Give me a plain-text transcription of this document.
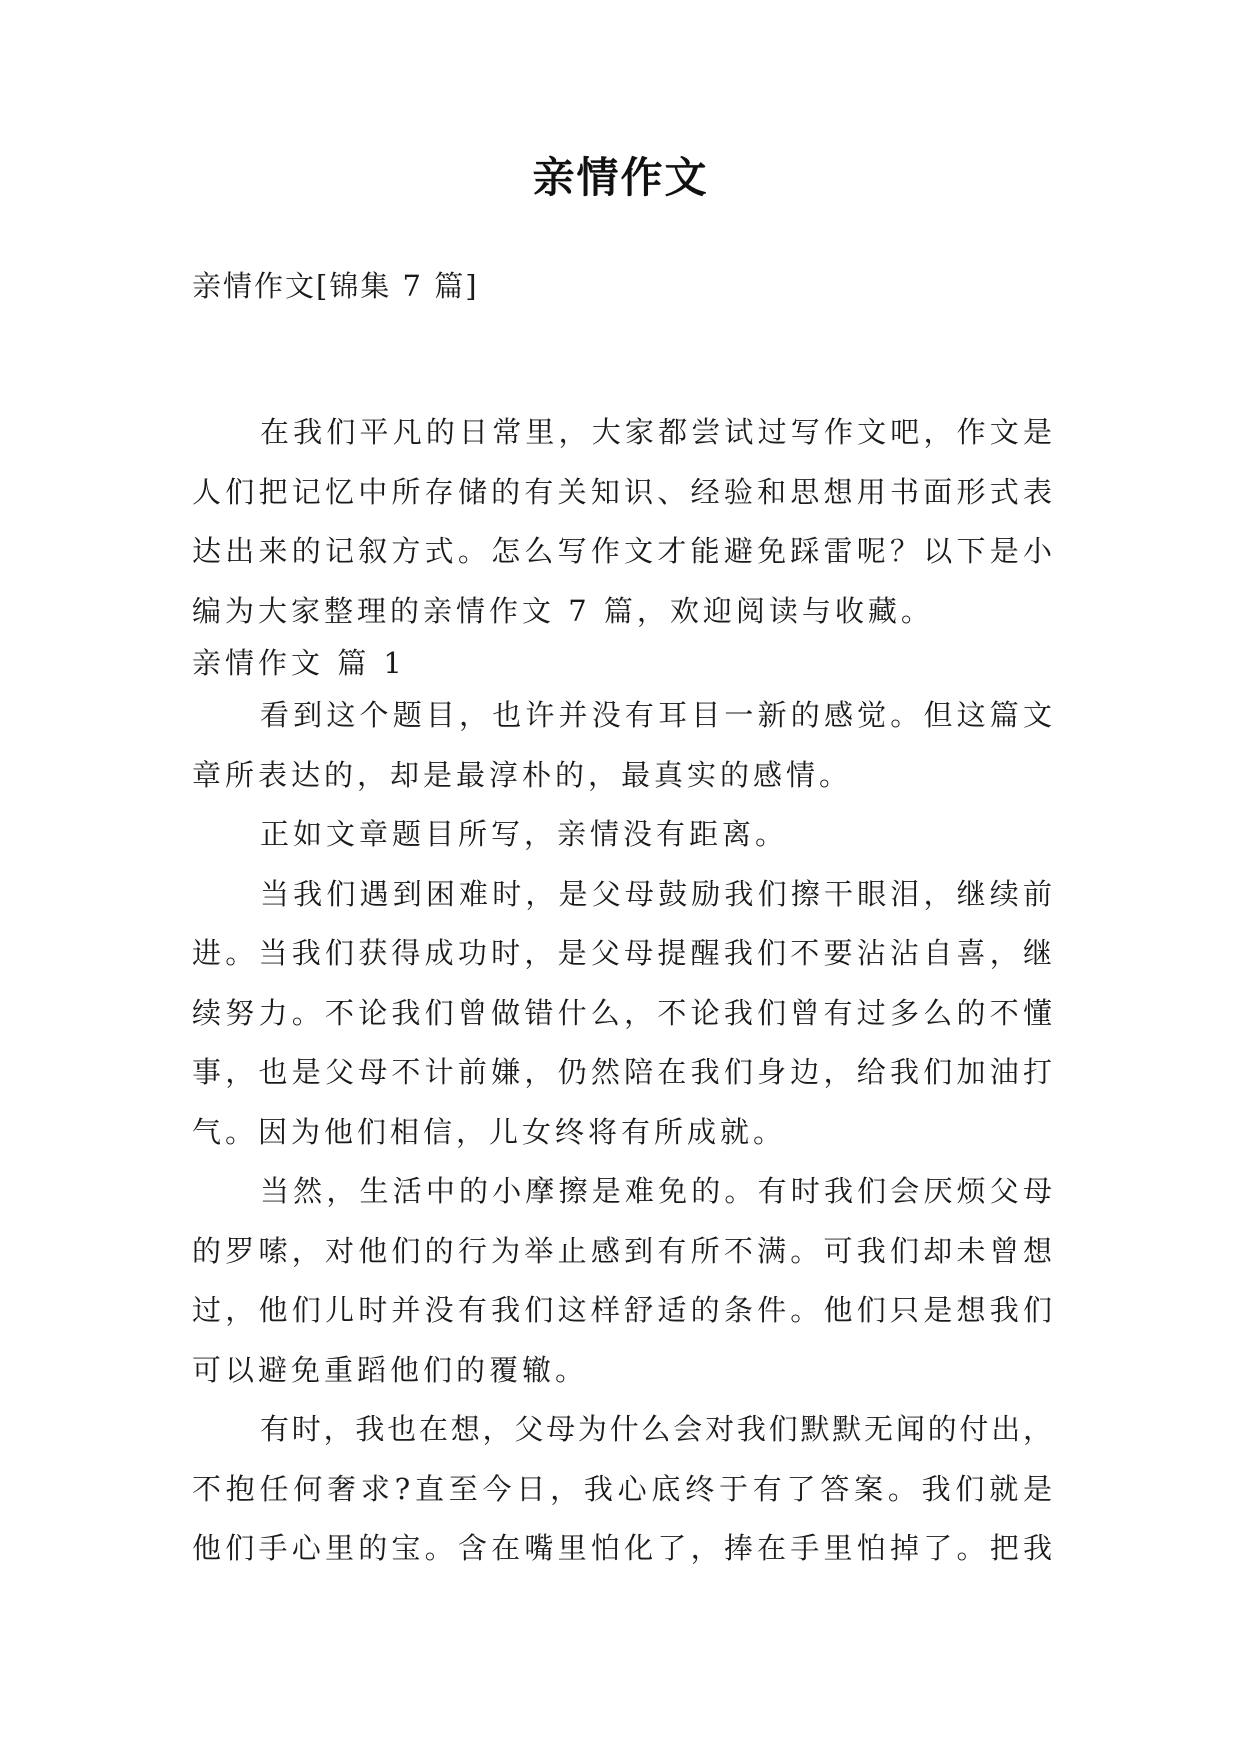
亲情作文
亲情作文[锦集 7 篇]
在我们平凡的日常里，大家都尝试过写作文吧，作文是
人们把记忆中所存储的有关知识、经验和思想用书面形式表
达出来的记叙方式。怎么写作文才能避免踩雷呢？以下是小
编为大家整理的亲情作文 7 篇，欢迎阅读与收藏。
亲情作文 篇 1
看到这个题目，也许并没有耳目一新的感觉。但这篇文
章所表达的，却是最淳朴的，最真实的感情。
正如文章题目所写，亲情没有距离。
当我们遇到困难时，是父母鼓励我们擦干眼泪，继续前
进。当我们获得成功时，是父母提醒我们不要沾沾自喜，继
续努力。不论我们曾做错什么，不论我们曾有过多么的不懂
事，也是父母不计前嫌，仍然陪在我们身边，给我们加油打
气。因为他们相信，儿女终将有所成就。
当然，生活中的小摩擦是难免的。有时我们会厌烦父母
的罗嗦，对他们的行为举止感到有所不满。可我们却未曾想
过，他们儿时并没有我们这样舒适的条件。他们只是想我们
可以避免重蹈他们的覆辙。
有时，我也在想，父母为什么会对我们默默无闻的付出，
不抱任何奢求?直至今日，我心底终于有了答案。我们就是
他们手心里的宝。含在嘴里怕化了，捧在手里怕掉了。把我
